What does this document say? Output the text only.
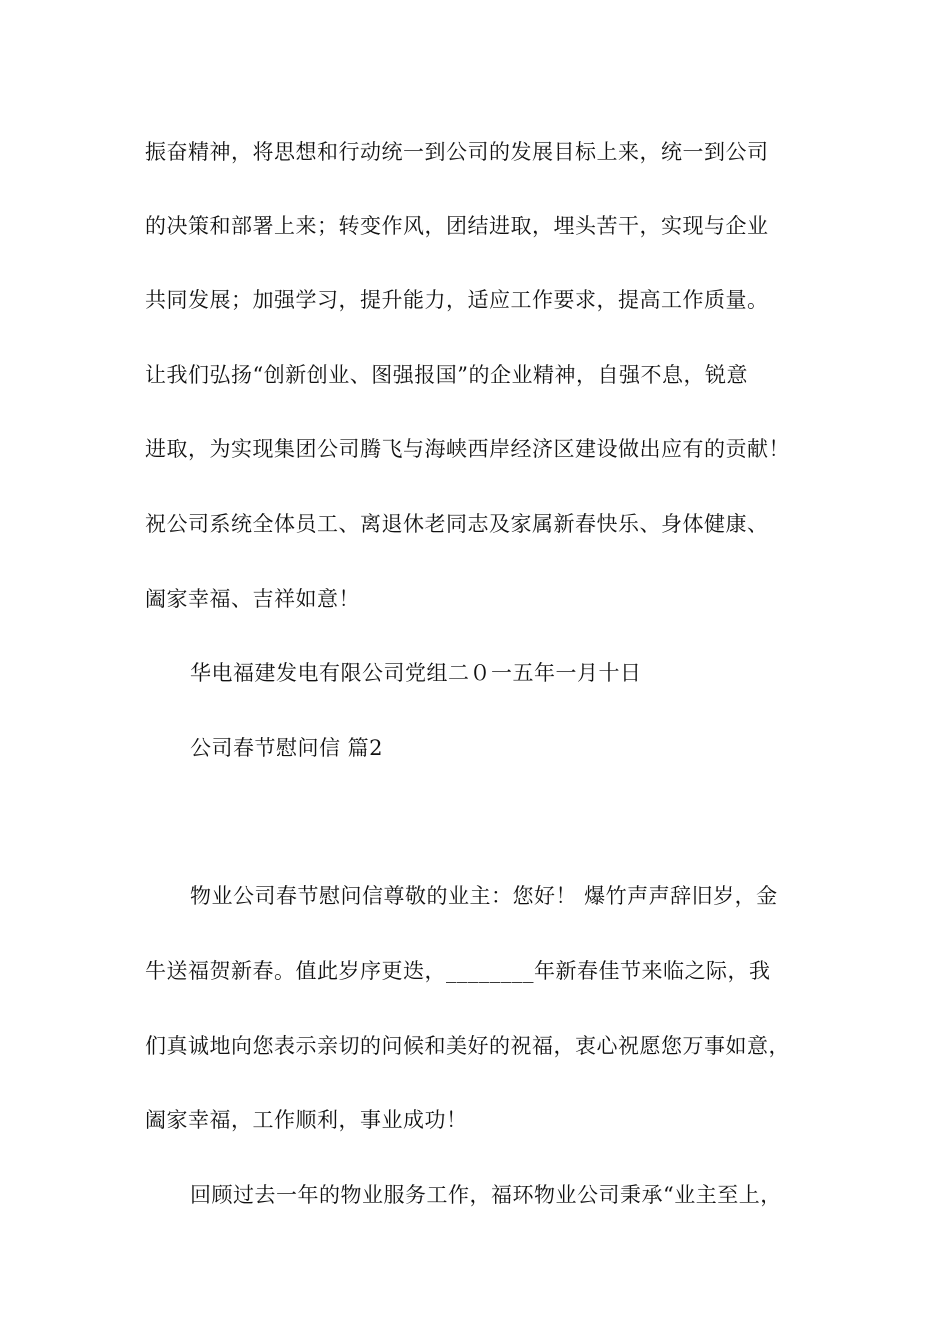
振奋精神，将思想和行动统一到公司的发展目标上来，统一到公司
的决策和部署上来；转变作风，团结进取，埋头苦干，实现与企业
共同发展；加强学习，提升能力，适应工作要求，提高工作质量。
让我们弘扬“创新创业、图强报国”的企业精神，自强不息，锐意
进取，为实现集团公司腾飞与海峡西岸经济区建设做出应有的贡献！
祝公司系统全体员工、离退休老同志及家属新春快乐、身体健康、
阖家幸福、吉祥如意！
华电福建发电有限公司党组二０一五年一月十日
公司春节慰问信 篇2
物业公司春节慰问信尊敬的业主：您好！ 爆竹声声辞旧岁，金
牛送福贺新春。值此岁序更迭，________年新春佳节来临之际，我
们真诚地向您表示亲切的问候和美好的祝福，衷心祝愿您万事如意，
阖家幸福，工作顺利，事业成功！
回顾过去一年的物业服务工作，福环物业公司秉承“业主至上，
